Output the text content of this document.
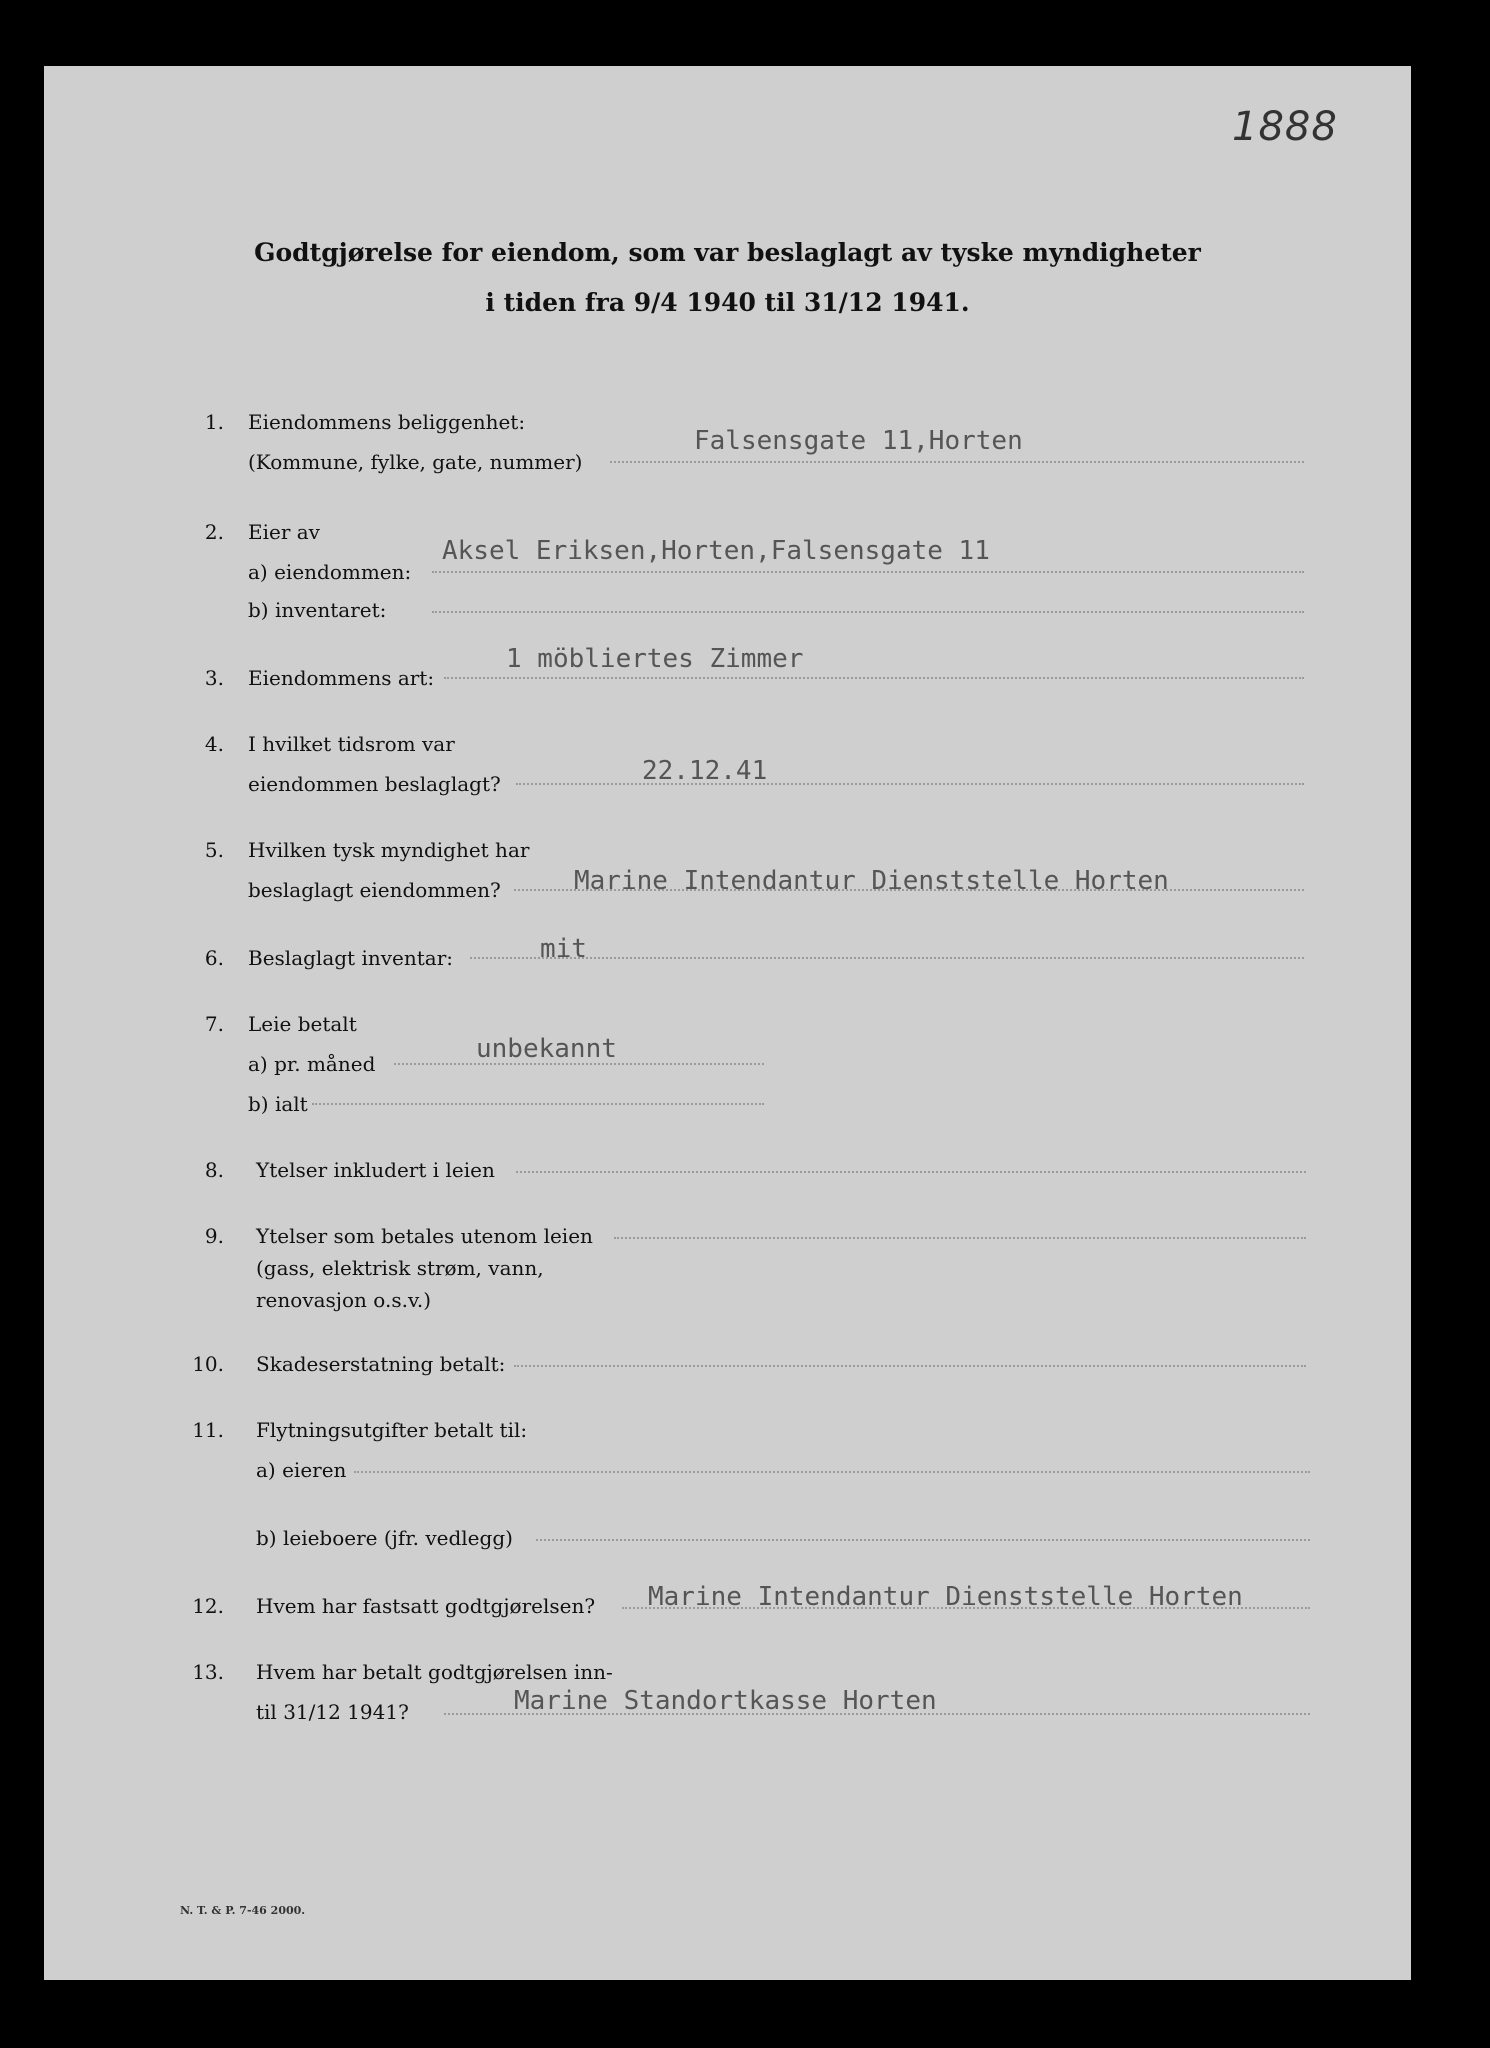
1888
Godtgjørelse for eiendom, som var beslaglagt av tyske myndigheter
i tiden fra 9/4 1940 til 31/12 1941.
1. Eiendommens beliggenhet:
(Kommune, fylke, gate, nummer)
Falsensgate 11,Horten
2. Eier av
a) eiendommen:
Aksel Eriksen,Horten,Falsensgate 11
b) inventaret:
3. Eiendommens art:
1 möbliertes Zimmer
4. I hvilket tidsrom var
eiendommen beslaglagt?	22.12.41
5. Hvilken tysk myndighet har
beslaglagt eiendommen?	Marine Intendantur Dienststelle Horten
6. Beslaglagt inventar:	mit
7. Leie betalt
a) pr. måned	unbekannt
b) ialt
8. Ytelser inkludert i leien
9. Ytelser som betales utenom leien
(gass, elektrisk strøm, vann,
renovasjon o.s.v.)
10. Skadeserstatning betalt:
11. Flytningsutgifter betalt til:
a) eieren
b) leieboere (jfr. vedlegg)
12. Hvem har fastsatt godtgjørelsen? Marine Intendantur Dienststelle Horten
13. Hvem har betalt godtgjørelsen inn-
til 31/12 1941?	Marine Standortkasse Horten
N. T. & P. 7-46 2000.
